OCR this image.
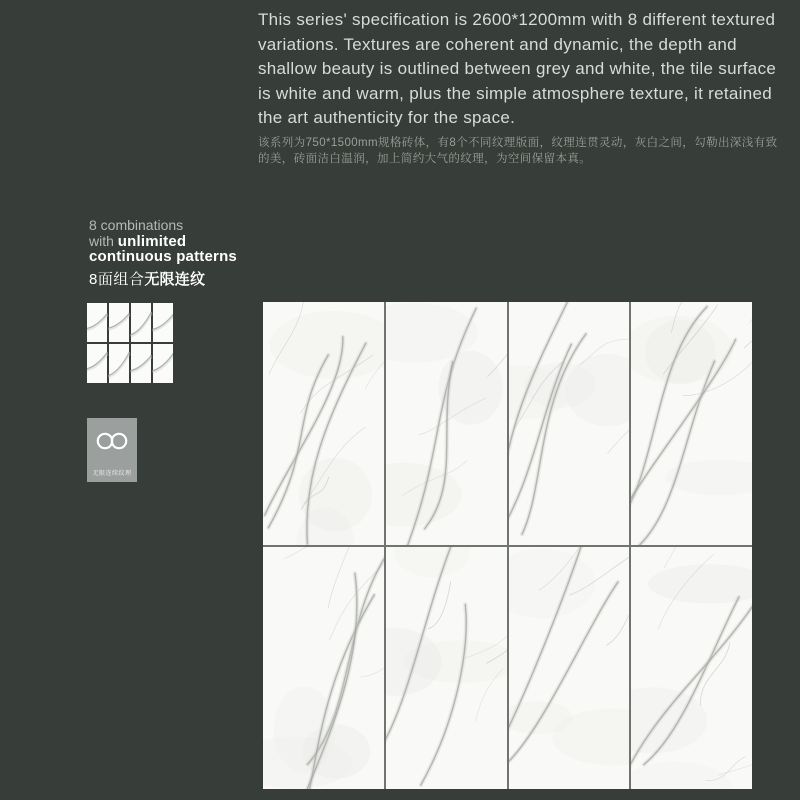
This series' specification is 2600*1200mm with 8 different textured variations. Textures are coherent and dynamic, the depth and shallow beauty is outlined between grey and white, the tile surface is white and warm, plus the simple atmosphere texture, it retained the art authenticity for the space.
该系列为750*1500mm规格砖体，有8个不同纹理版面，纹理连贯灵动，灰白之间，勾勒出深浅有致的美，砖面洁白温润，加上简约大气的纹理，为空间保留本真。
8 combinations
with unlimited
continuous patterns
8面组合无限连纹
无限连续纹理
